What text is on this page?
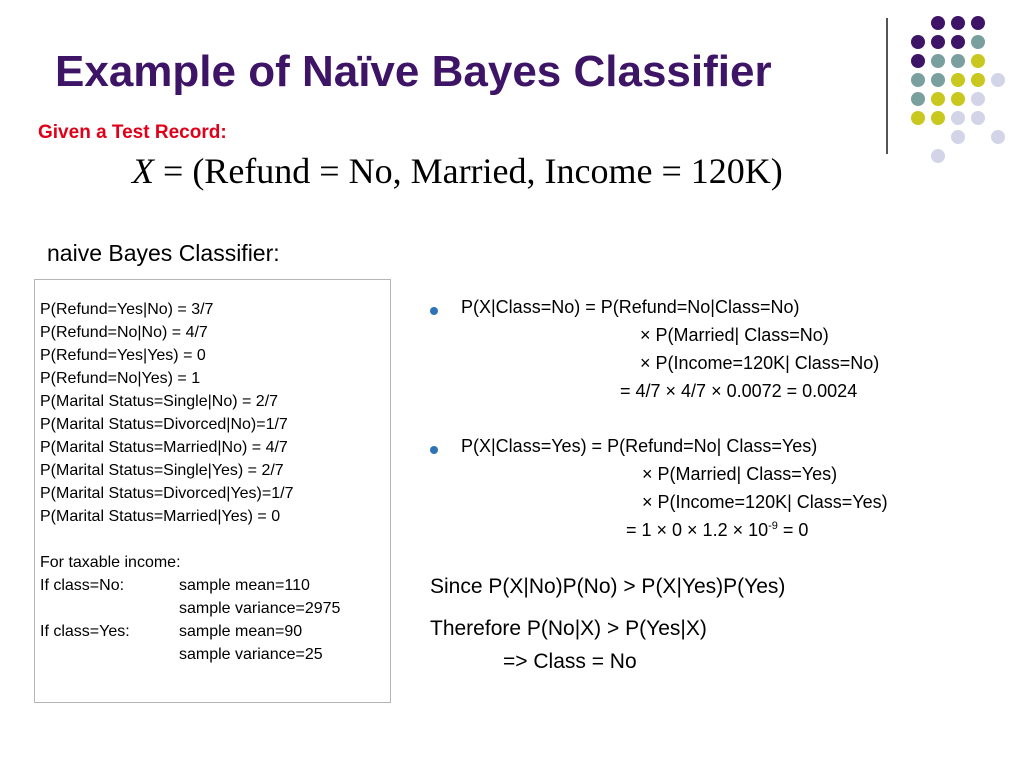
Example of Naïve Bayes Classifier
Given a Test Record:
X = (Refund = No, Married, Income = 120K)
naive Bayes Classifier:
P(Refund=Yes|No) = 3/7
P(Refund=No|No) = 4/7
P(Refund=Yes|Yes) = 0
P(Refund=No|Yes) = 1
P(Marital Status=Single|No) = 2/7
P(Marital Status=Divorced|No)=1/7
P(Marital Status=Married|No) = 4/7
P(Marital Status=Single|Yes) = 2/7
P(Marital Status=Divorced|Yes)=1/7
P(Marital Status=Married|Yes) = 0
For taxable income:
If class=No:	sample mean=110
sample variance=2975
If class=Yes:	sample mean=90
sample variance=25
P(X|Class=No) = P(Refund=No|Class=No)
× P(Married| Class=No)
× P(Income=120K| Class=No)
= 4/7 × 4/7 × 0.0072 = 0.0024
P(X|Class=Yes) = P(Refund=No| Class=Yes)
× P(Married| Class=Yes)
× P(Income=120K| Class=Yes)
= $1 \times 0 \times 1.2 \times 10^{-9} = 0$
Since P(X|No)P(No) > P(X|Yes)P(Yes)
Therefore P(No|X) > P(Yes|X)
=> Class = No
